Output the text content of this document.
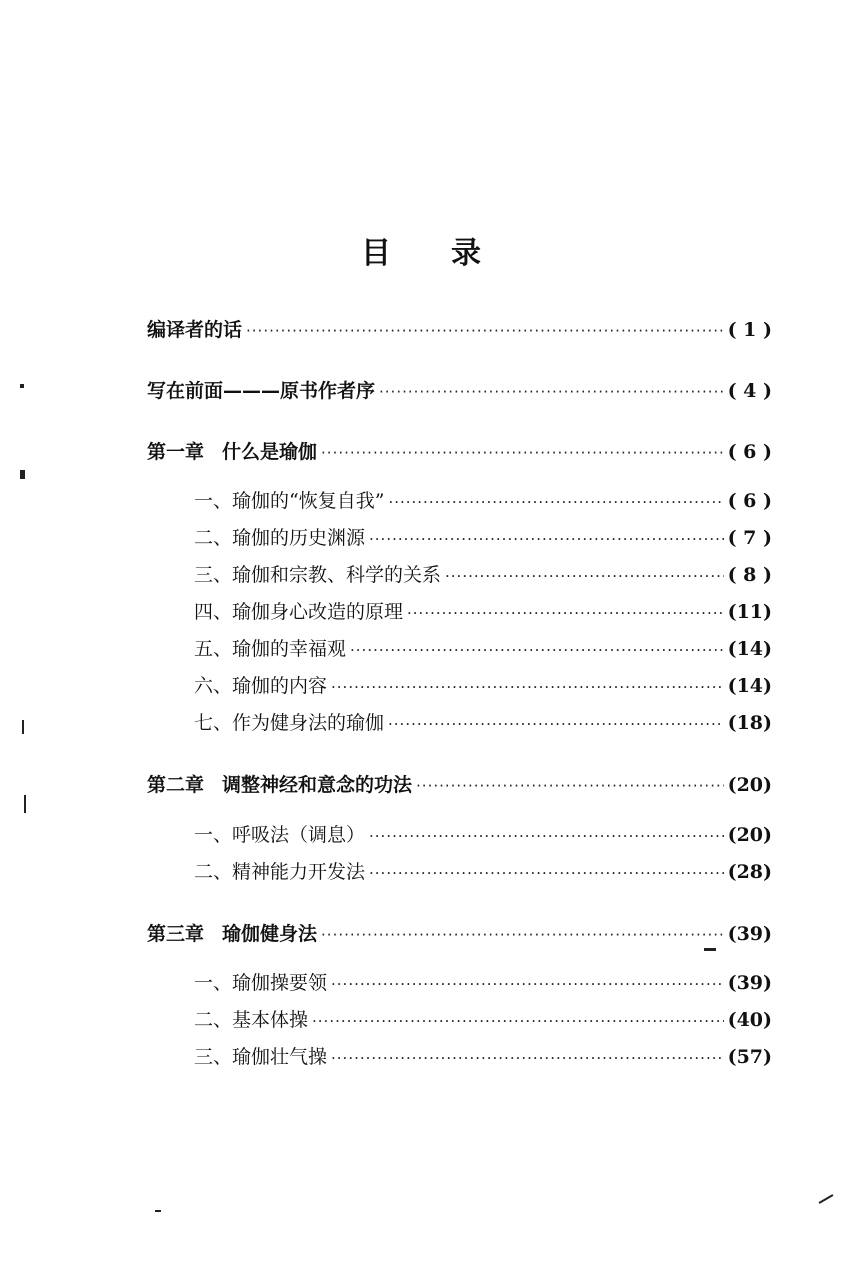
目 录
编译者的话 ·····	( 1 )
写在前面———原书作者序 ·····	( 4 )
第一章 什么是瑜伽 ·····	( 6 )
一、瑜伽的“恢复自我” ·····	( 6 )
二、瑜伽的历史渊源 ·····	( 7 )
三、瑜伽和宗教、科学的关系 ·····	( 8 )
四、瑜伽身心改造的原理 ·····	(11)
五、瑜伽的幸福观 ·····	(14)
六、瑜伽的内容 ·····	(14)
七、作为健身法的瑜伽 ·····	(18)
第二章 调整神经和意念的功法 ·····	(20)
一、呼吸法（调息） ·····	(20)
二、精神能力开发法 ·····	(28)
第三章 瑜伽健身法 ·····	(39)
一、瑜伽操要领 ·····	(39)
二、基本体操 ·····	(40)
三、瑜伽壮气操 ·····	(57)
